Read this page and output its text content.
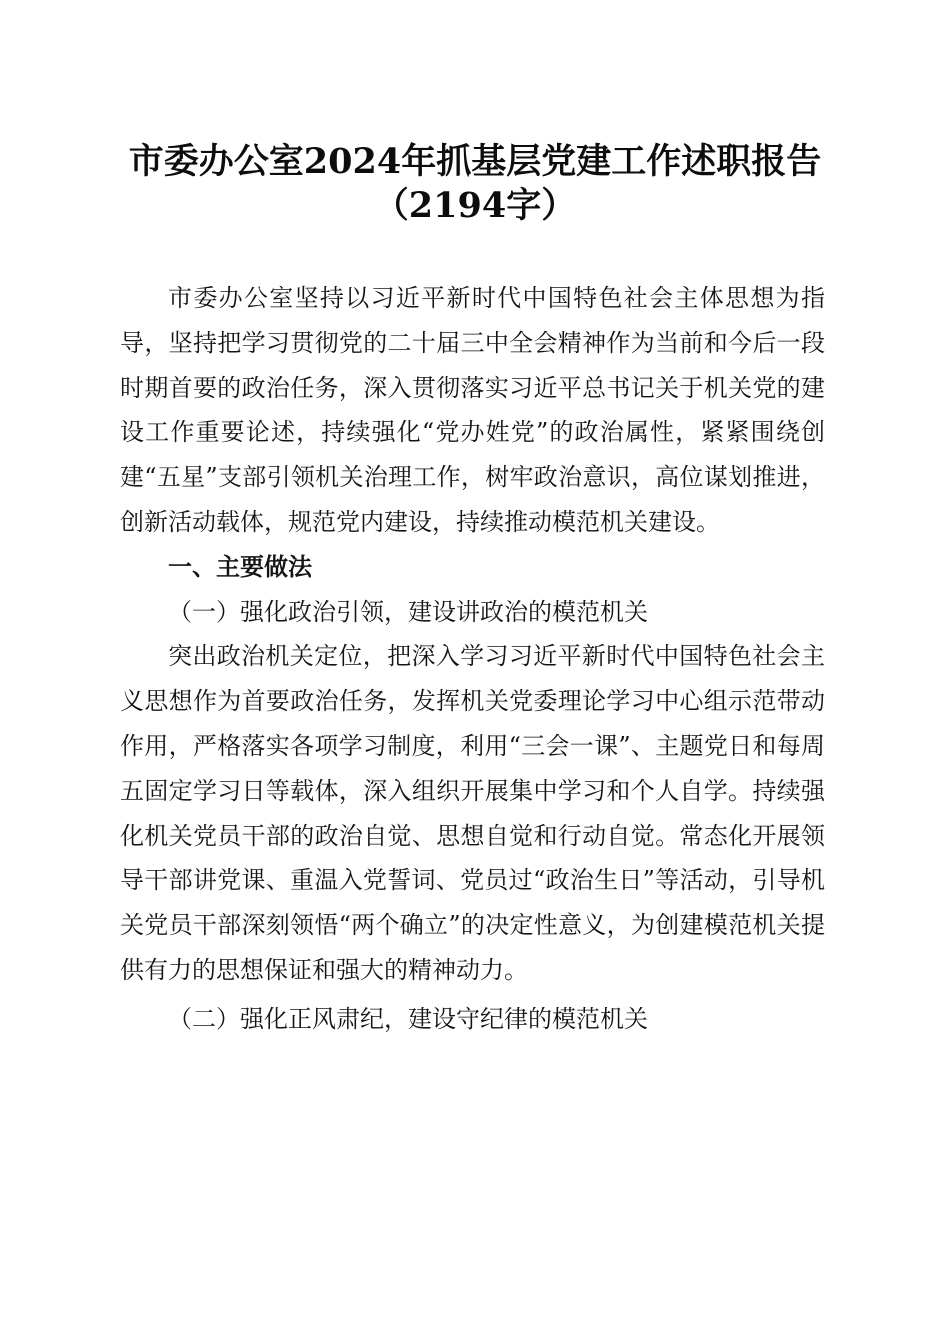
市委办公室2024年抓基层党建工作述职报告
（2194字）

市委办公室坚持以习近平新时代中国特色社会主体思想为指导，坚持把学习贯彻党的二十届三中全会精神作为当前和今后一段时期首要的政治任务，深入贯彻落实习近平总书记关于机关党的建设工作重要论述，持续强化“党办姓党”的政治属性，紧紧围绕创建“五星”支部引领机关治理工作，树牢政治意识，高位谋划推进，创新活动载体，规范党内建设，持续推动模范机关建设。

一、主要做法

（一）强化政治引领，建设讲政治的模范机关

突出政治机关定位，把深入学习习近平新时代中国特色社会主义思想作为首要政治任务，发挥机关党委理论学习中心组示范带动作用，严格落实各项学习制度，利用“三会一课”、主题党日和每周五固定学习日等载体，深入组织开展集中学习和个人自学。持续强化机关党员干部的政治自觉、思想自觉和行动自觉。常态化开展领导干部讲党课、重温入党誓词、党员过“政治生日”等活动，引导机关党员干部深刻领悟“两个确立”的决定性意义，为创建模范机关提供有力的思想保证和强大的精神动力。

（二）强化正风肃纪，建设守纪律的模范机关
